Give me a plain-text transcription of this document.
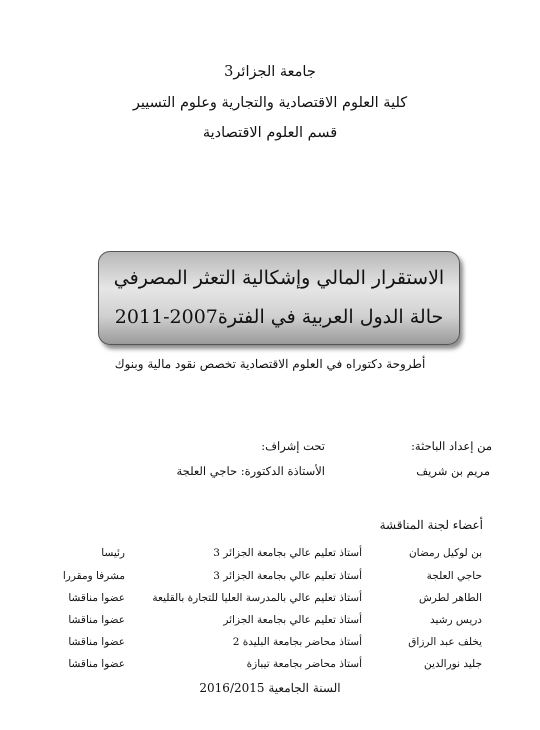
جامعة الجزائر3
كلية العلوم الاقتصادية والتجارية وعلوم التسيير
قسم العلوم الاقتصادية
الاستقرار المالي وإشكالية التعثر المصرفي
حالة الدول العربية في الفترة2007-2011
أطروحة دكتوراه في العلوم الاقتصادية تخصص نقود مالية وبنوك
من إعداد الباحثة:
تحت إشراف:
مريم بن شريف
الأستاذة الدكتورة: حاجي العلجة
أعضاء لجنة المناقشة
بن لوكيل رمضان
أستاذ تعليم عالي بجامعة الجزائر 3
رئيسا
حاجي العلجة
أستاذ تعليم عالي بجامعة الجزائر 3
مشرفا ومقررا
الطاهر لطرش
أستاذ تعليم عالي بالمدرسة العليا للتجارة بالقليعة
عضوا مناقشا
دريس رشيد
أستاذ تعليم عالي بجامعة الجزائر
عضوا مناقشا
يخلف عبد الرزاق
أستاذ محاضر بجامعة البليدة 2
عضوا مناقشا
جليد نورالدين
أستاذ محاضر بجامعة تيبازة
عضوا مناقشا
السنة الجامعية 2016/2015
